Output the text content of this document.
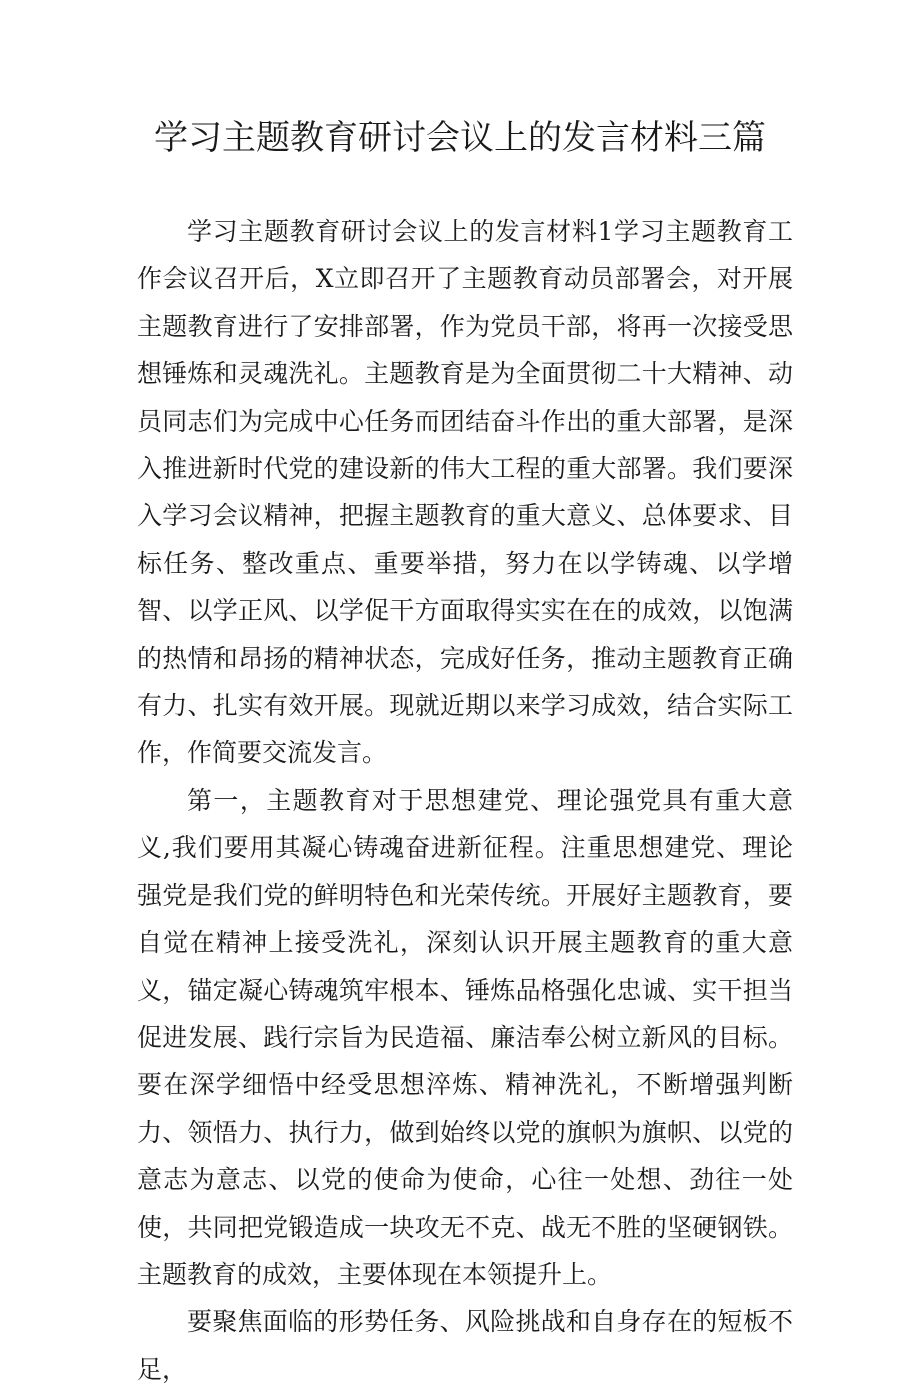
学习主题教育研讨会议上的发言材料三篇

学习主题教育研讨会议上的发言材料1学习主题教育工作会议召开后，X立即召开了主题教育动员部署会，对开展主题教育进行了安排部署，作为党员干部，将再一次接受思想锤炼和灵魂洗礼。主题教育是为全面贯彻二十大精神、动员同志们为完成中心任务而团结奋斗作出的重大部署，是深入推进新时代党的建设新的伟大工程的重大部署。我们要深入学习会议精神，把握主题教育的重大意义、总体要求、目标任务、整改重点、重要举措，努力在以学铸魂、以学增智、以学正风、以学促干方面取得实实在在的成效，以饱满的热情和昂扬的精神状态，完成好任务，推动主题教育正确有力、扎实有效开展。现就近期以来学习成效，结合实际工作，作简要交流发言。

第一，主题教育对于思想建党、理论强党具有重大意义,我们要用其凝心铸魂奋进新征程。注重思想建党、理论强党是我们党的鲜明特色和光荣传统。开展好主题教育，要自觉在精神上接受洗礼，深刻认识开展主题教育的重大意义，锚定凝心铸魂筑牢根本、锤炼品格强化忠诚、实干担当促进发展、践行宗旨为民造福、廉洁奉公树立新风的目标。要在深学细悟中经受思想淬炼、精神洗礼，不断增强判断力、领悟力、执行力，做到始终以党的旗帜为旗帜、以党的意志为意志、以党的使命为使命，心往一处想、劲往一处使，共同把党锻造成一块攻无不克、战无不胜的坚硬钢铁。主题教育的成效，主要体现在本领提升上。

要聚焦面临的形势任务、风险挑战和自身存在的短板不足，
